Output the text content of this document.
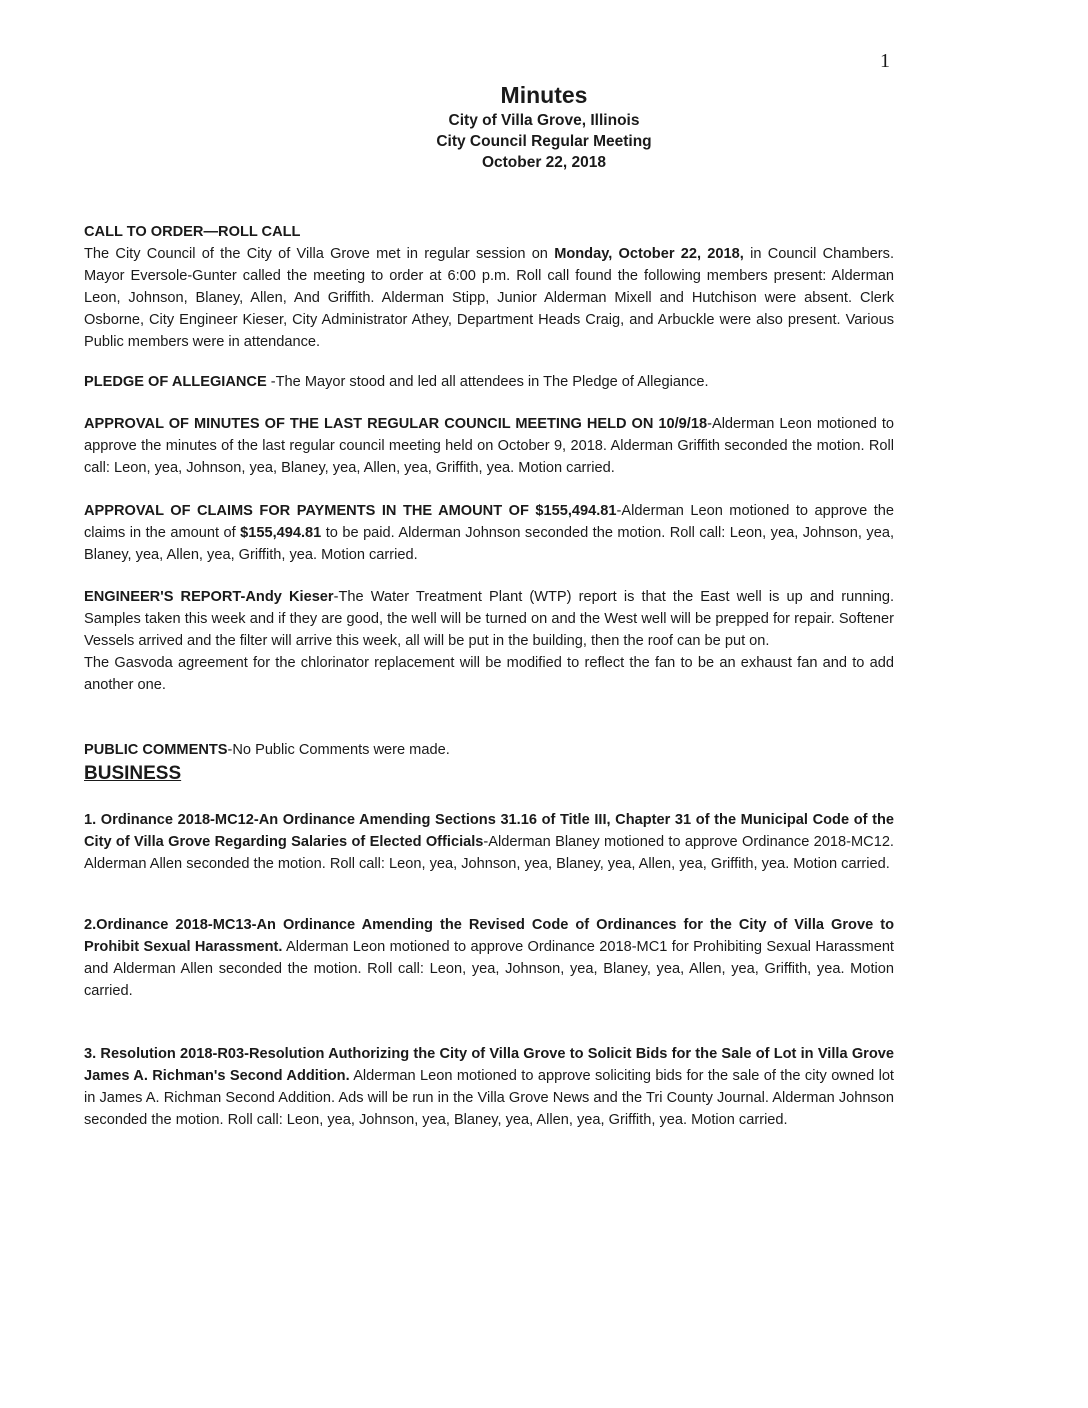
1
Minutes
City of Villa Grove, Illinois
City Council Regular Meeting
October 22, 2018
CALL TO ORDER—ROLL CALL

The City Council of the City of Villa Grove met in regular session on Monday, October 22, 2018, in Council Chambers. Mayor Eversole-Gunter called the meeting to order at 6:00 p.m. Roll call found the following members present: Alderman Leon, Johnson, Blaney, Allen, And Griffith. Alderman Stipp, Junior Alderman Mixell and Hutchison were absent. Clerk Osborne, City Engineer Kieser, City Administrator Athey, Department Heads Craig, and Arbuckle were also present. Various Public members were in attendance.

PLEDGE OF ALLEGIANCE -The Mayor stood and led all attendees in The Pledge of Allegiance.

APPROVAL OF MINUTES OF THE LAST REGULAR COUNCIL MEETING HELD ON 10/9/18-Alderman Leon motioned to approve the minutes of the last regular council meeting held on October 9, 2018. Alderman Griffith seconded the motion. Roll call: Leon, yea, Johnson, yea, Blaney, yea, Allen, yea, Griffith, yea. Motion carried.

APPROVAL OF CLAIMS FOR PAYMENTS IN THE AMOUNT OF $155,494.81-Alderman Leon motioned to approve the claims in the amount of $155,494.81 to be paid. Alderman Johnson seconded the motion. Roll call: Leon, yea, Johnson, yea, Blaney, yea, Allen, yea, Griffith, yea. Motion carried.

ENGINEER'S REPORT-Andy Kieser-The Water Treatment Plant (WTP) report is that the East well is up and running. Samples taken this week and if they are good, the well will be turned on and the West well will be prepped for repair. Softener Vessels arrived and the filter will arrive this week, all will be put in the building, then the roof can be put on.

The Gasvoda agreement for the chlorinator replacement will be modified to reflect the fan to be an exhaust fan and to add another one.

PUBLIC COMMENTS-No Public Comments were made.

BUSINESS

1. Ordinance 2018-MC12-An Ordinance Amending Sections 31.16 of Title III, Chapter 31 of the Municipal Code of the City of Villa Grove Regarding Salaries of Elected Officials-Alderman Blaney motioned to approve Ordinance 2018-MC12. Alderman Allen seconded the motion. Roll call: Leon, yea, Johnson, yea, Blaney, yea, Allen, yea, Griffith, yea. Motion carried.

2.Ordinance 2018-MC13-An Ordinance Amending the Revised Code of Ordinances for the City of Villa Grove to Prohibit Sexual Harassment. Alderman Leon motioned to approve Ordinance 2018-MC1 for Prohibiting Sexual Harassment and Alderman Allen seconded the motion. Roll call: Leon, yea, Johnson, yea, Blaney, yea, Allen, yea, Griffith, yea. Motion carried.

3. Resolution 2018-R03-Resolution Authorizing the City of Villa Grove to Solicit Bids for the Sale of Lot in Villa Grove James A. Richman's Second Addition. Alderman Leon motioned to approve soliciting bids for the sale of the city owned lot in James A. Richman Second Addition. Ads will be run in the Villa Grove News and the Tri County Journal. Alderman Johnson seconded the motion. Roll call: Leon, yea, Johnson, yea, Blaney, yea, Allen, yea, Griffith, yea. Motion carried.
